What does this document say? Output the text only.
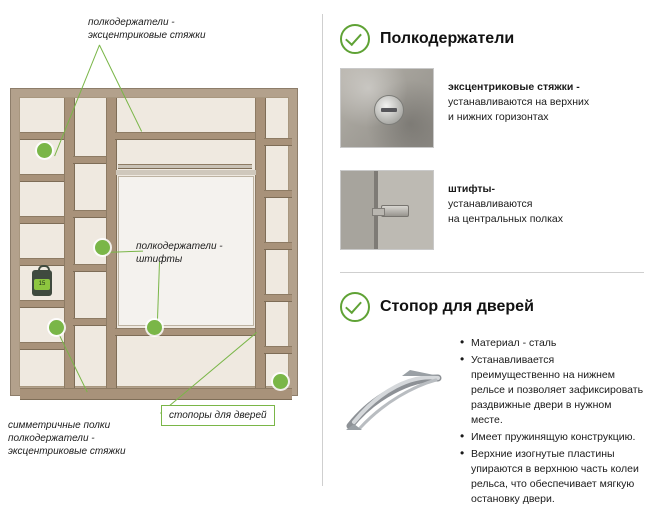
15
полкодержатели -
эксцентриковые стяжки
полкодержатели -
штифты
симметричные полки
полкодержатели -
эксцентриковые стяжки
стопоры для дверей
Полкодержатели
эксцентриковые стяжки -
устанавливаются на верхних
и нижних горизонтах
штифты-
устанавливаются
на центральных полках
Стопор для дверей
• Материал - сталь
• Устанавливается преимущественно на нижнем рельсе и позволяет зафиксировать раздвижные двери в нужном месте.
• Имеет пружинящую конструкцию.
• Верхние изогнутые пластины упираются в верхнюю часть колеи рельса, что обеспечивает мягкую остановку двери.
